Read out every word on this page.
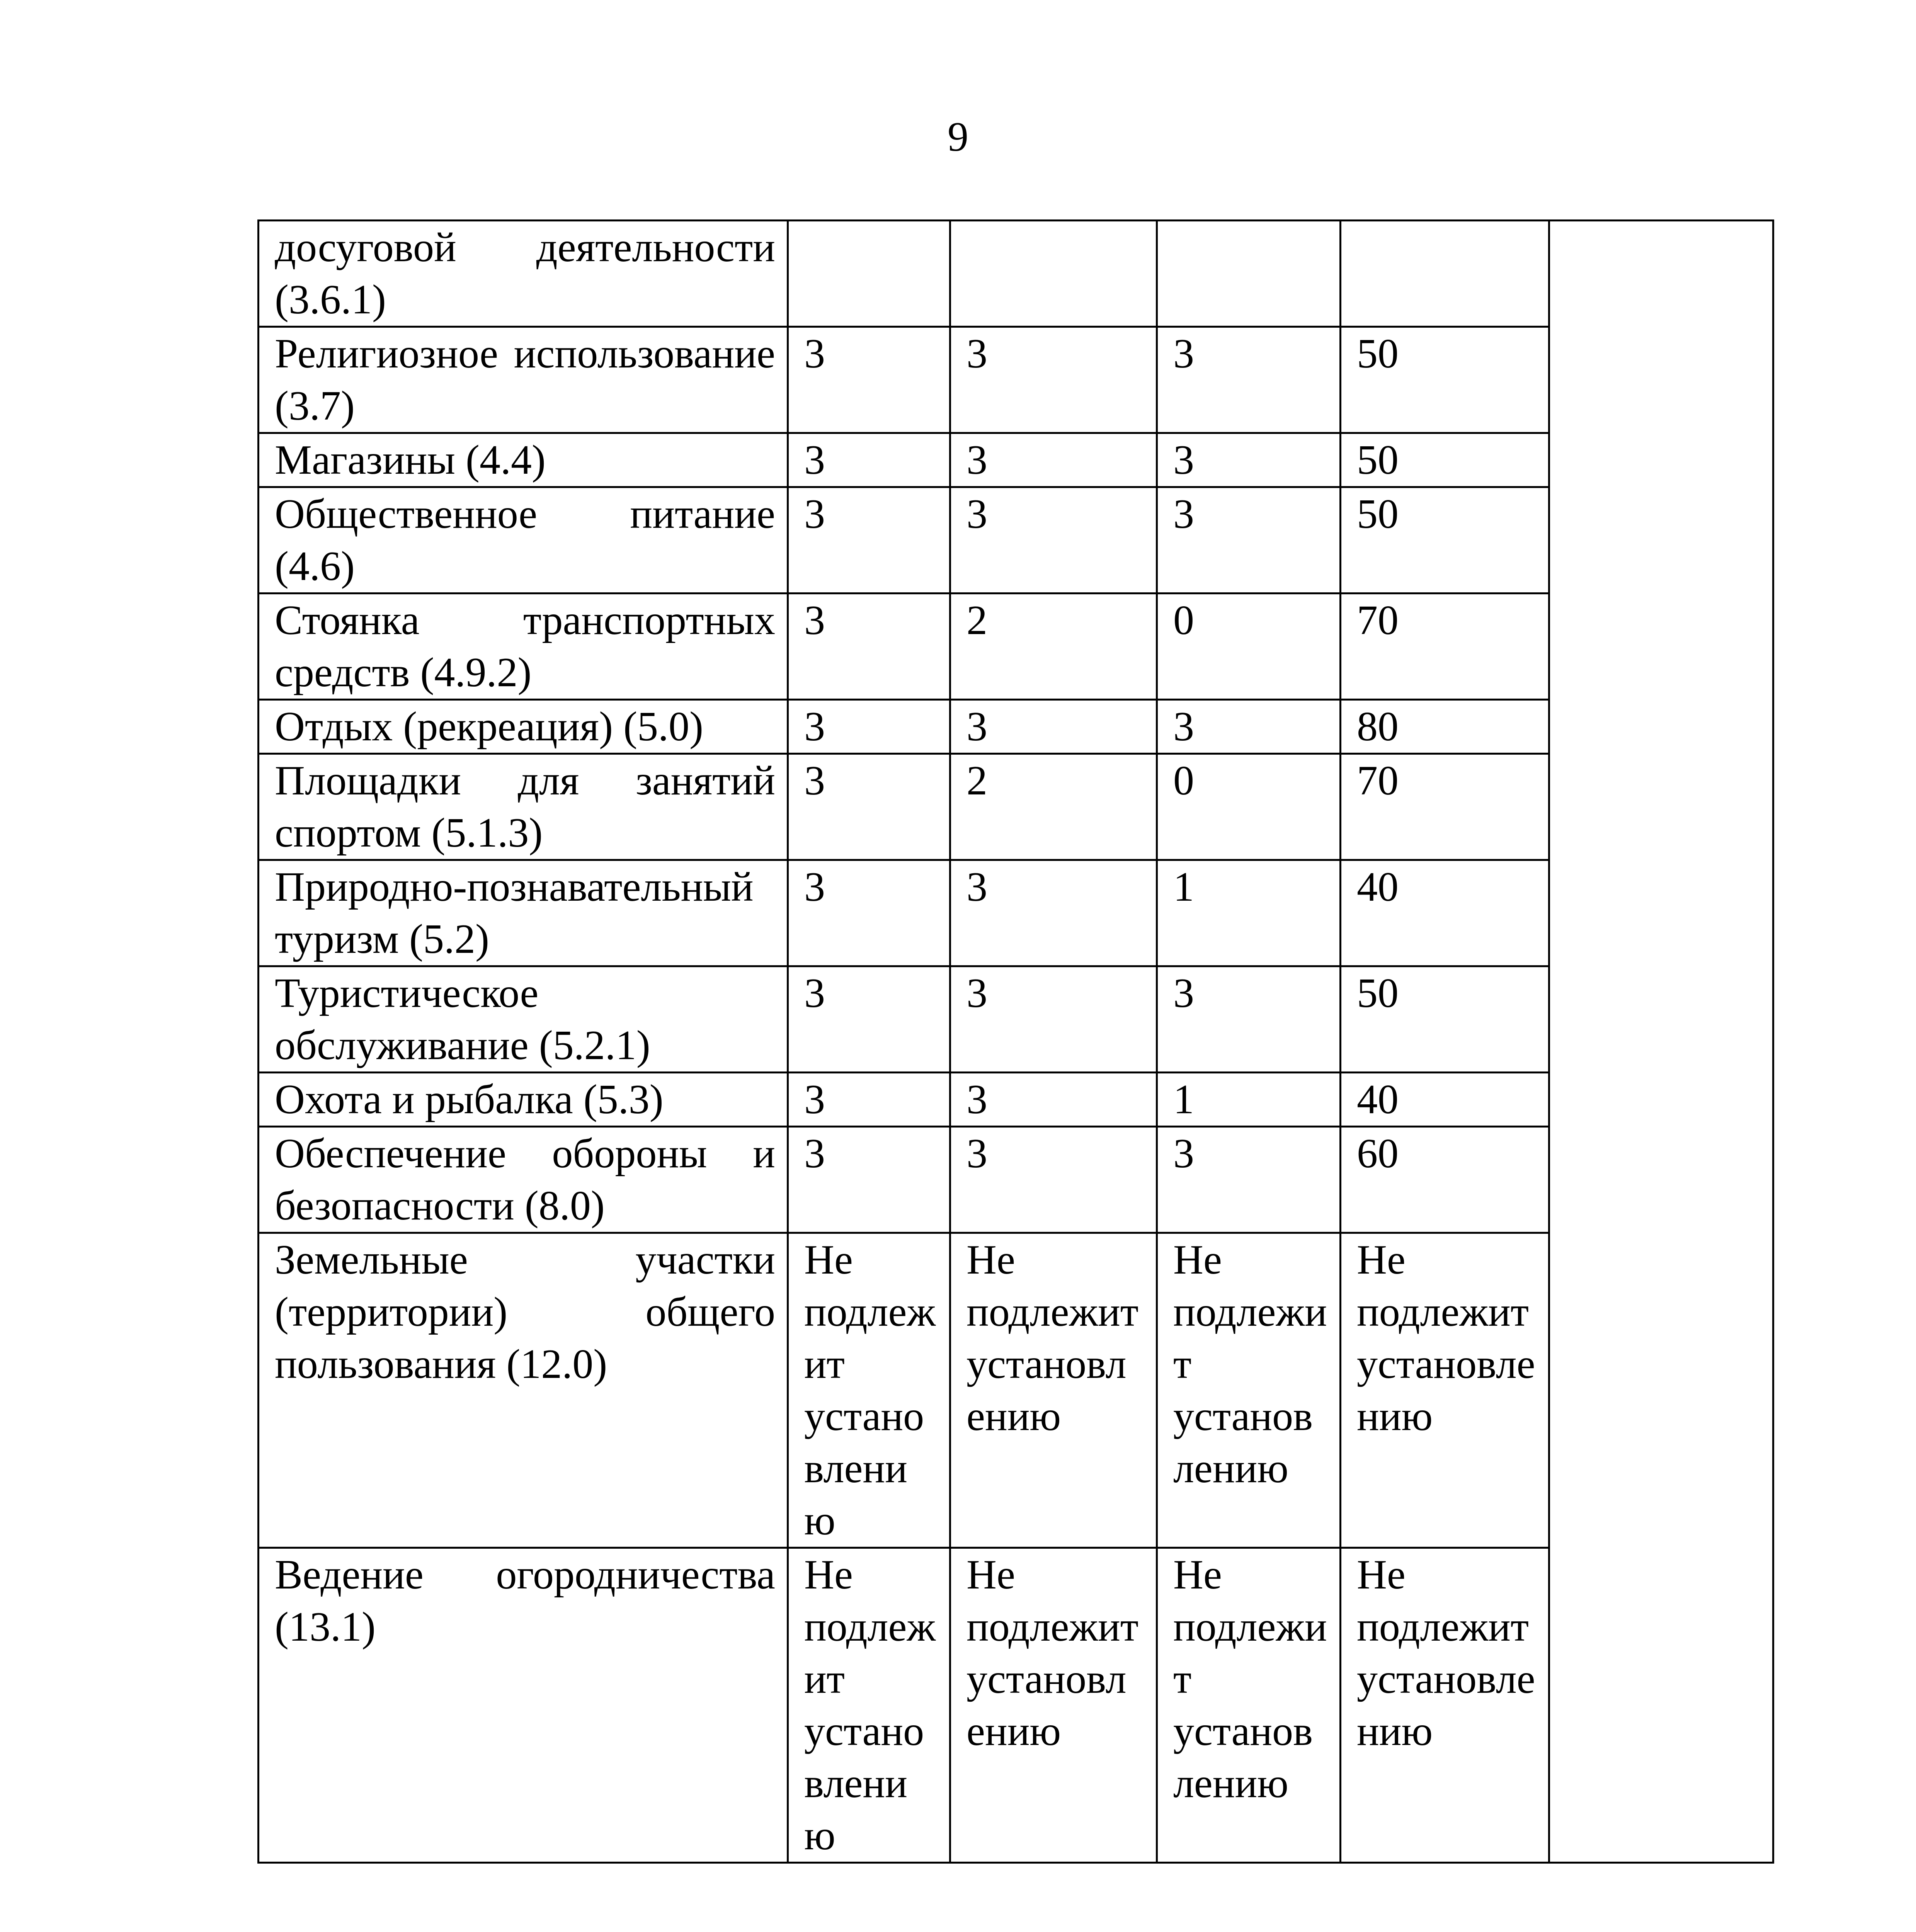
9
досуговой деятельности (3.6.1)					
Религиозное использование (3.7)	3	3	3	50	
Магазины (4.4)	3	3	3	50	
Общественное питание (4.6)	3	3	3	50	
Стоянка транспортных средств (4.9.2)	3	2	0	70	
Отдых (рекреация) (5.0)	3	3	3	80	
Площадки для занятий спортом (5.1.3)	3	2	0	70	
Природно-познавательный туризм (5.2)	3	3	1	40	
Туристическое обслуживание (5.2.1)	3	3	3	50	
Охота и рыбалка (5.3)	3	3	1	40	
Обеспечение обороны и безопасности (8.0)	3	3	3	60	
Земельные участки (территории) общего пользования (12.0)	Не подлежит установлению	Не подлежит установлению	Не подлежит установлению	Не подлежит установлению	
Ведение огородничества (13.1)	Не подлежит установлению	Не подлежит установлению	Не подлежит установлению	Не подлежит установлению	
